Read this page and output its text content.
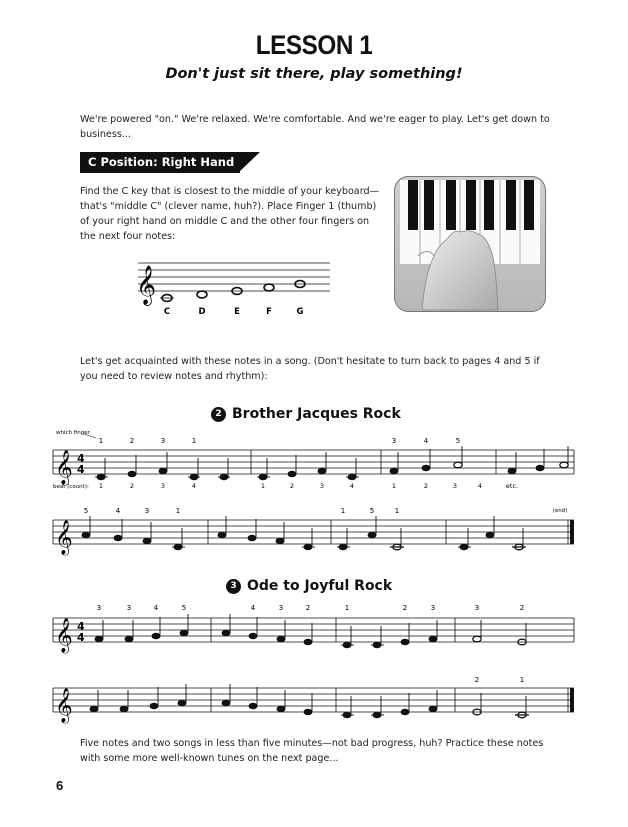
LESSON 1
Don't just sit there, play something!
We're powered "on." We're relaxed. We're comfortable. And we're eager to play. Let's get down to business...
C Position: Right Hand
Find the C key that is closest to the middle of your keyboard—that's "middle C" (clever name, huh?). Place Finger 1 (thumb) of your right hand on middle C and the other four fingers on the next four notes:
𝄞
C	D	E	F	G
Let's get acquainted with these notes in a song. (Don't hesitate to turn back to pages 4 and 5 if you need to review notes and rhythm):
2 Brother Jacques Rock
which finger
𝄞 4
4
1	2	3	1	3	4	5
beat (count): 1	2	3	4	1	2	3	4	1	2	3	4	etc.
𝄞
(end)
5	4	3	1	1	5	1
3 Ode to Joyful Rock
𝄞 4
4
3	3	4	5	4	3	2	1	2	3	3	2
𝄞
2	1
Five notes and two songs in less than five minutes—not bad progress, huh? Practice these notes with some more well-known tunes on the next page...
6
